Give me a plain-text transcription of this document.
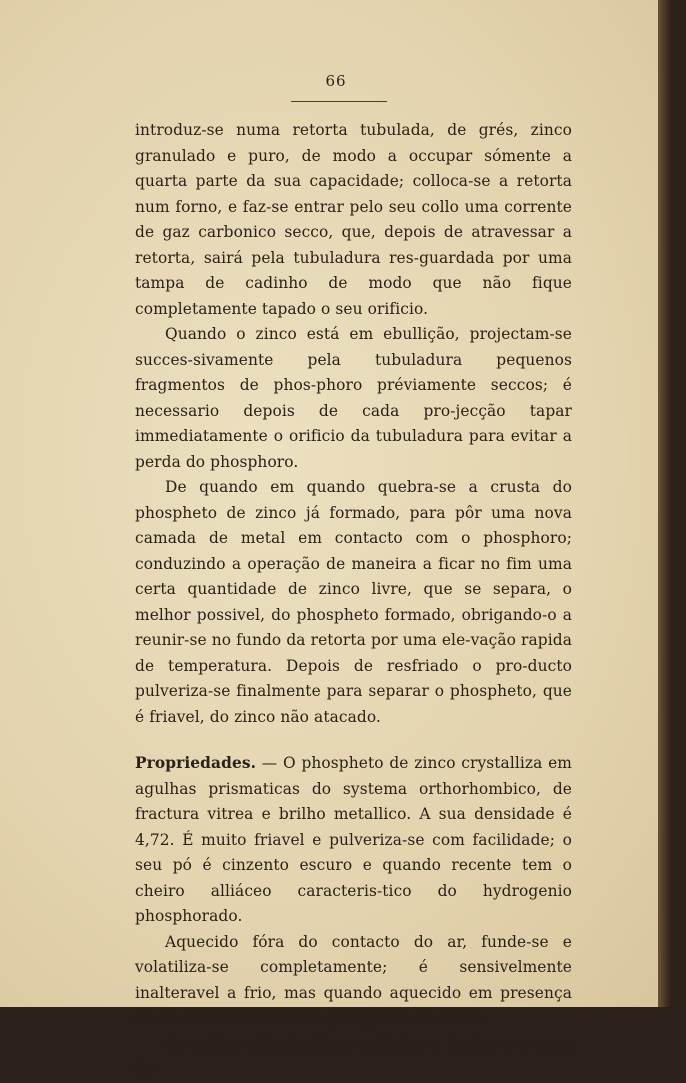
66

introduz-se numa retorta tubulada, de grés, zinco granulado e puro, de modo a occupar sómente a quarta parte da sua capacidade; colloca-se a retorta num forno, e faz-se entrar pelo seu collo uma corrente de gaz carbonico secco, que, depois de atravessar a retorta, sairá pela tubuladura res-guardada por uma tampa de cadinho de modo que não fique completamente tapado o seu orificio.

Quando o zinco está em ebullição, projectam-se succes-sivamente pela tubuladura pequenos fragmentos de phos-phoro préviamente seccos; é necessario depois de cada pro-jecção tapar immediatamente o orificio da tubuladura para evitar a perda do phosphoro.

De quando em quando quebra-se a crusta do phospheto de zinco já formado, para pôr uma nova camada de metal em contacto com o phosphoro; conduzindo a operação de maneira a ficar no fim uma certa quantidade de zinco livre, que se separa, o melhor possivel, do phospheto formado, obrigando-o a reunir-se no fundo da retorta por uma ele-vação rapida de temperatura. Depois de resfriado o pro-ducto pulveriza-se finalmente para separar o phospheto, que é friavel, do zinco não atacado.

Propriedades. — O phospheto de zinco crystalliza em agulhas prismaticas do systema orthorhombico, de fractura vitrea e brilho metallico. A sua densidade é 4,72. É muito friavel e pulveriza-se com facilidade; o seu pó é cinzento escuro e quando recente tem o cheiro alliáceo caracteris-tico do hydrogenio phosphorado.

Aquecido fóra do contacto do ar, funde-se e volatiliza-se completamente; é sensivelmente inalteravel a frio, mas quando aquecido em presença do ar, transforma-se em phosphato de zinco.

Os acidos chlorhydrico, sulfurico e lactico e a agua de-
